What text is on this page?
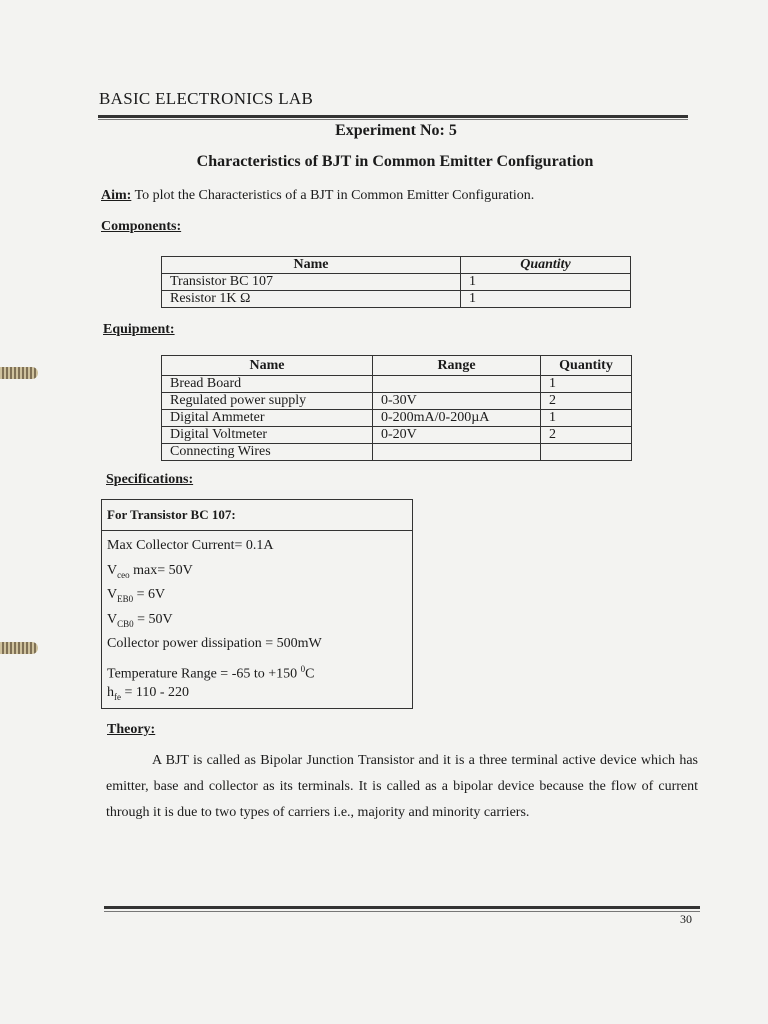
BASIC ELECTRONICS LAB
Experiment No: 5
Characteristics of BJT in Common Emitter Configuration
Aim: To plot the Characteristics of a BJT in Common Emitter Configuration.
Components:
Name	Quantity
Transistor BC 107	1
Resistor 1K Ω	1
Equipment:
Name	Range	Quantity
Bread Board		1
Regulated power supply	0-30V	2
Digital Ammeter	0-200mA/0-200µA	1
Digital Voltmeter	0-20V	2
Connecting Wires		
Specifications:
For Transistor BC 107:
Max Collector Current= 0.1A
$V_{ceo}$ max= 50V
$V_{EB0} = 6V$
$V_{CB0} = 50V$
Collector power dissipation = 500mW
Temperature Range = -65 to +150 $^0$C
$h_{fe} = 110 - 220$
Theory:
A BJT is called as Bipolar Junction Transistor and it is a three terminal active device which has emitter, base and collector as its terminals. It is called as a bipolar device because the flow of current through it is due to two types of carriers i.e., majority and minority carriers.
30
